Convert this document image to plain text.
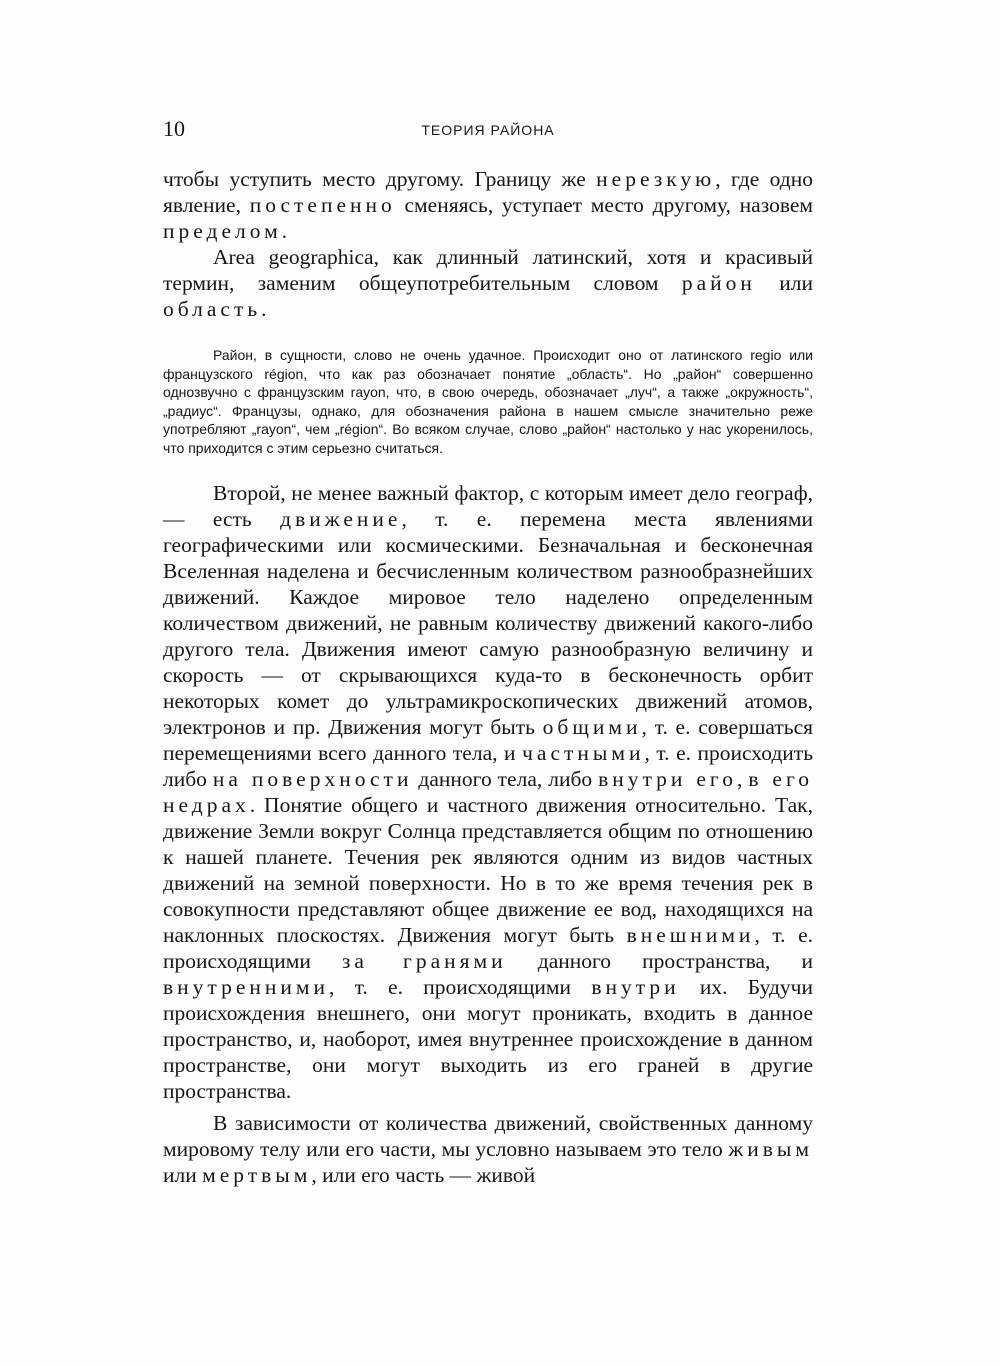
10	ТЕОРИЯ РАЙОНА

чтобы уступить место другому. Границу же нерезкую, где одно явление, постепенно сменяясь, уступает место другому, назовем пределом.

Area geographica, как длинный латинский, хотя и красивый термин, заменим общеупотребительным словом район или область.

Район, в сущности, слово не очень удачное. Происходит оно от латинского regio или французского région, что как раз обозначает понятие „область“. Но „район“ совершенно однозвучно с французским rayon, что, в свою очередь, обозначает „луч“, а также „окружность“, „радиус“. Французы, однако, для обозначения района в нашем смысле значительно реже употребляют „rayon“, чем „région“. Во всяком случае, слово „район“ настолько у нас укоренилось, что приходится с этим серьезно считаться.

Второй, не менее важный фактор, с которым имеет дело географ,— есть движение, т. е. перемена места явлениями географическими или космическими. Безначальная и бесконечная Вселенная наделена и бесчисленным количеством разнообразнейших движений. Каждое мировое тело наделено определенным количеством движений, не равным количеству движений какого-либо другого тела. Движения имеют самую разнообразную величину и скорость — от скрывающихся куда-то в бесконечность орбит некоторых комет до ультрамикроскопических движений атомов, электронов и пр. Движения могут быть общими, т. е. совершаться перемещениями всего данного тела, и частными, т. е. происходить либо на поверхности данного тела, либо внутри его, в его недрах. Понятие общего и частного движения относительно. Так, движение Земли вокруг Солнца представляется общим по отношению к нашей планете. Течения рек являются одним из видов частных движений на земной поверхности. Но в то же время течения рек в совокупности представляют общее движение ее вод, находящихся на наклонных плоскостях. Движения могут быть внешними, т. е. происходящими за гранями данного пространства, и внутренними, т. е. происходящими внутри их. Будучи происхождения внешнего, они могут проникать, входить в данное пространство, и, наоборот, имея внутреннее происхождение в данном пространстве, они могут выходить из его граней в другие пространства.

В зависимости от количества движений, свойственных данному мировому телу или его части, мы условно называем это тело живым или мертвым, или его часть — живой
